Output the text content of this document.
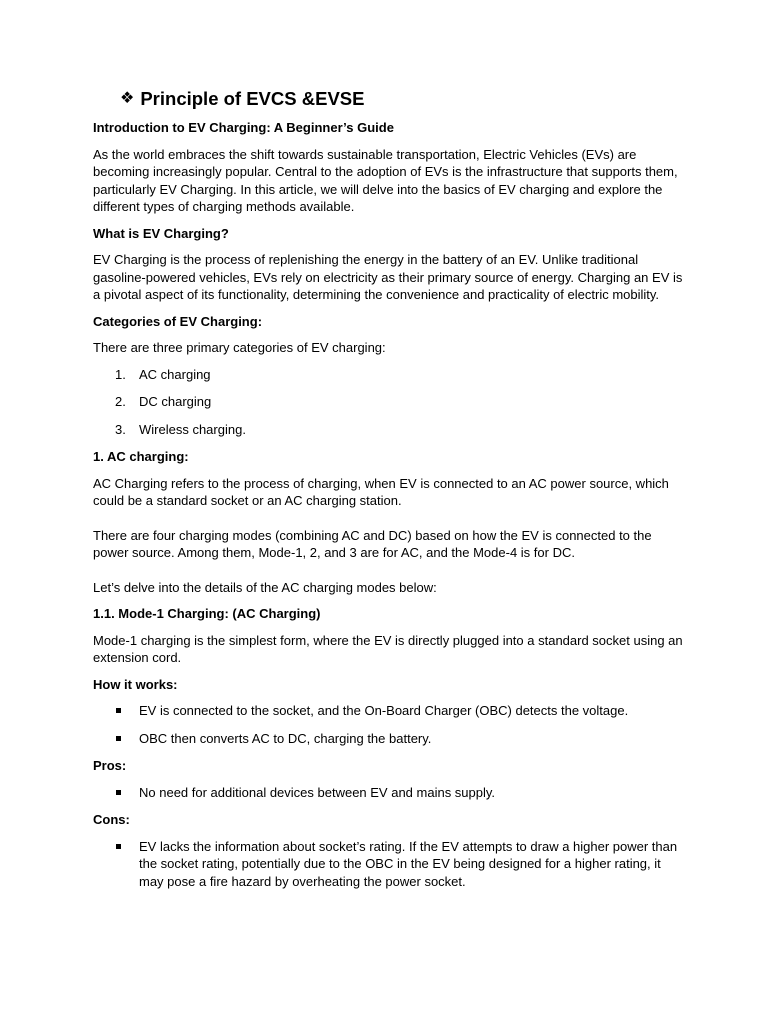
❖ Principle of EVCS &EVSE
Introduction to EV Charging: A Beginner’s Guide

As the world embraces the shift towards sustainable transportation, Electric Vehicles (EVs) are becoming increasingly popular. Central to the adoption of EVs is the infrastructure that supports them, particularly EV Charging. In this article, we will delve into the basics of EV charging and explore the different types of charging methods available.

What is EV Charging?

EV Charging is the process of replenishing the energy in the battery of an EV. Unlike traditional gasoline-powered vehicles, EVs rely on electricity as their primary source of energy. Charging an EV is a pivotal aspect of its functionality, determining the convenience and practicality of electric mobility.

Categories of EV Charging:

There are three primary categories of EV charging:

1. AC charging
2. DC charging
3. Wireless charging.
1. AC charging:

AC Charging refers to the process of charging, when EV is connected to an AC power source, which could be a standard socket or an AC charging station.

There are four charging modes (combining AC and DC) based on how the EV is connected to the power source. Among them, Mode-1, 2, and 3 are for AC, and the Mode-4 is for DC.

Let’s delve into the details of the AC charging modes below:

1.1. Mode-1 Charging: (AC Charging)

Mode-1 charging is the simplest form, where the EV is directly plugged into a standard socket using an extension cord.

How it works:
EV is connected to the socket, and the On-Board Charger (OBC) detects the voltage.
OBC then converts AC to DC, charging the battery.
Pros:
No need for additional devices between EV and mains supply.
Cons:
EV lacks the information about socket’s rating. If the EV attempts to draw a higher power than the socket rating, potentially due to the OBC in the EV being designed for a higher rating, it may pose a fire hazard by overheating the power socket.
